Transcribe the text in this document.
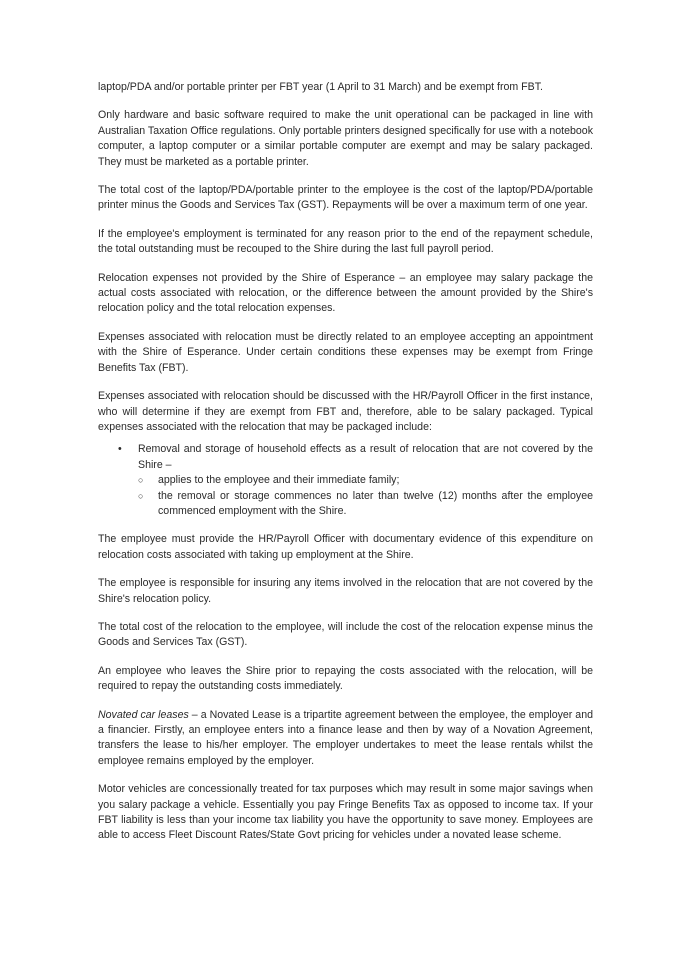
laptop/PDA and/or portable printer per FBT year (1 April to 31 March) and be exempt from FBT.

Only hardware and basic software required to make the unit operational can be packaged in line with Australian Taxation Office regulations. Only portable printers designed specifically for use with a notebook computer, a laptop computer or a similar portable computer are exempt and may be salary packaged. They must be marketed as a portable printer.

The total cost of the laptop/PDA/portable printer to the employee is the cost of the laptop/PDA/portable printer minus the Goods and Services Tax (GST). Repayments will be over a maximum term of one year.

If the employee's employment is terminated for any reason prior to the end of the repayment schedule, the total outstanding must be recouped to the Shire during the last full payroll period.

Relocation expenses not provided by the Shire of Esperance – an employee may salary package the actual costs associated with relocation, or the difference between the amount provided by the Shire's relocation policy and the total relocation expenses.

Expenses associated with relocation must be directly related to an employee accepting an appointment with the Shire of Esperance. Under certain conditions these expenses may be exempt from Fringe Benefits Tax (FBT).

Expenses associated with relocation should be discussed with the HR/Payroll Officer in the first instance, who will determine if they are exempt from FBT and, therefore, able to be salary packaged. Typical expenses associated with the relocation that may be packaged include:

• Removal and storage of household effects as a result of relocation that are not covered by the Shire –
○ applies to the employee and their immediate family;
○ the removal or storage commences no later than twelve (12) months after the employee commenced employment with the Shire.

The employee must provide the HR/Payroll Officer with documentary evidence of this expenditure on relocation costs associated with taking up employment at the Shire.

The employee is responsible for insuring any items involved in the relocation that are not covered by the Shire's relocation policy.

The total cost of the relocation to the employee, will include the cost of the relocation expense minus the Goods and Services Tax (GST).

An employee who leaves the Shire prior to repaying the costs associated with the relocation, will be required to repay the outstanding costs immediately.

Novated car leases – a Novated Lease is a tripartite agreement between the employee, the employer and a financier. Firstly, an employee enters into a finance lease and then by way of a Novation Agreement, transfers the lease to his/her employer. The employer undertakes to meet the lease rentals whilst the employee remains employed by the employer.

Motor vehicles are concessionally treated for tax purposes which may result in some major savings when you salary package a vehicle. Essentially you pay Fringe Benefits Tax as opposed to income tax. If your FBT liability is less than your income tax liability you have the opportunity to save money. Employees are able to access Fleet Discount Rates/State Govt pricing for vehicles under a novated lease scheme.
